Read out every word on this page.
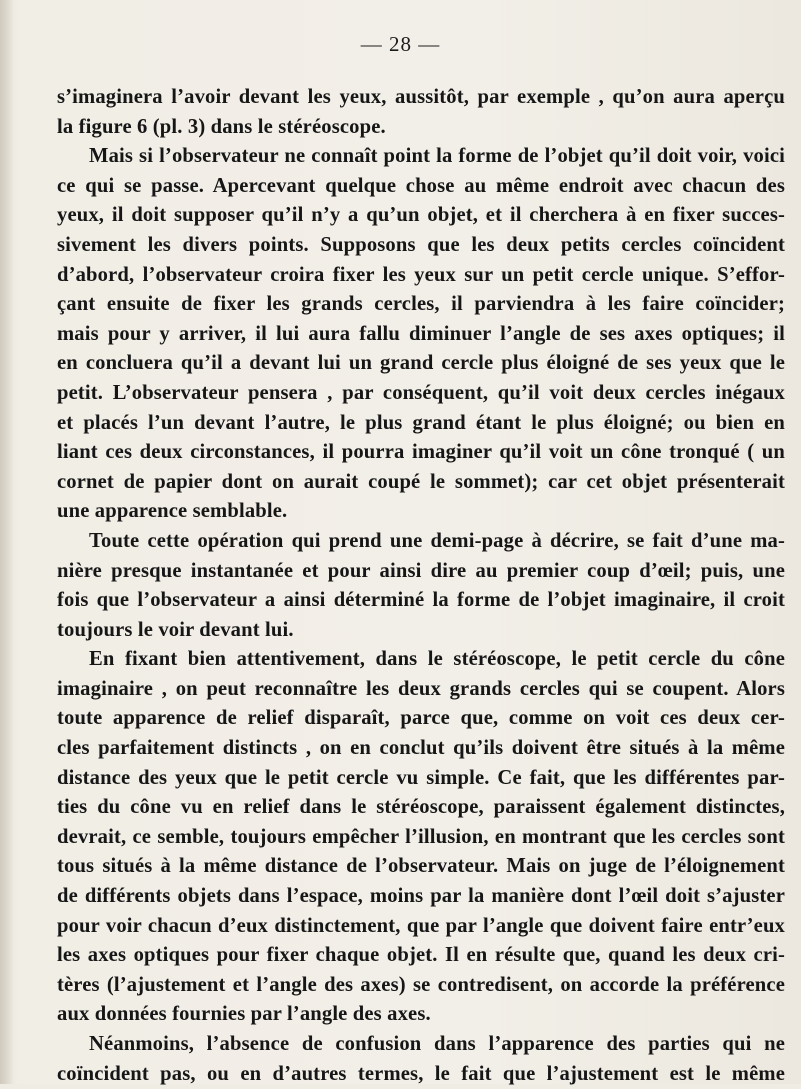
— 28 —
s’imaginera l’avoir devant les yeux, aussitôt, par exemple , qu’on aura aperçu
la figure 6 (pl. 3) dans le stéréoscope.
Mais si l’observateur ne connaît point la forme de l’objet qu’il doit voir, voici
ce qui se passe. Apercevant quelque chose au même endroit avec chacun des
yeux, il doit supposer qu’il n’y a qu’un objet, et il cherchera à en fixer succes-
sivement les divers points. Supposons que les deux petits cercles coïncident
d’abord, l’observateur croira fixer les yeux sur un petit cercle unique. S’effor-
çant ensuite de fixer les grands cercles, il parviendra à les faire coïncider;
mais pour y arriver, il lui aura fallu diminuer l’angle de ses axes optiques; il
en concluera qu’il a devant lui un grand cercle plus éloigné de ses yeux que le
petit. L’observateur pensera , par conséquent, qu’il voit deux cercles inégaux
et placés l’un devant l’autre, le plus grand étant le plus éloigné; ou bien en
liant ces deux circonstances, il pourra imaginer qu’il voit un cône tronqué ( un
cornet de papier dont on aurait coupé le sommet); car cet objet présenterait
une apparence semblable.
Toute cette opération qui prend une demi-page à décrire, se fait d’une ma-
nière presque instantanée et pour ainsi dire au premier coup d’œil; puis, une
fois que l’observateur a ainsi déterminé la forme de l’objet imaginaire, il croit
toujours le voir devant lui.
En fixant bien attentivement, dans le stéréoscope, le petit cercle du cône
imaginaire , on peut reconnaître les deux grands cercles qui se coupent. Alors
toute apparence de relief disparaît, parce que, comme on voit ces deux cer-
cles parfaitement distincts , on en conclut qu’ils doivent être situés à la même
distance des yeux que le petit cercle vu simple. Ce fait, que les différentes par-
ties du cône vu en relief dans le stéréoscope, paraissent également distinctes,
devrait, ce semble, toujours empêcher l’illusion, en montrant que les cercles sont
tous situés à la même distance de l’observateur. Mais on juge de l’éloignement
de différents objets dans l’espace, moins par la manière dont l’œil doit s’ajuster
pour voir chacun d’eux distinctement, que par l’angle que doivent faire entr’eux
les axes optiques pour fixer chaque objet. Il en résulte que, quand les deux cri-
tères (l’ajustement et l’angle des axes) se contredisent, on accorde la préférence
aux données fournies par l’angle des axes.
Néanmoins, l’absence de confusion dans l’apparence des parties qui ne
coïncident pas, ou en d’autres termes, le fait que l’ajustement est le même
